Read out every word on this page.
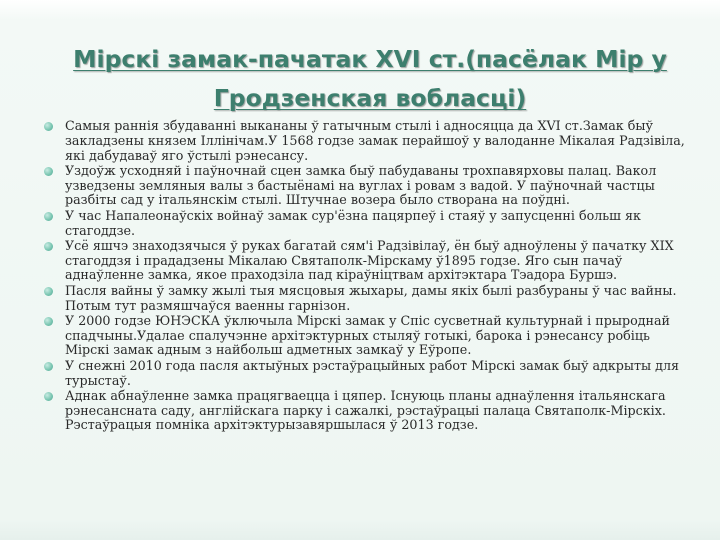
Мірскі замак-пачатак XVI ст.(пасёлак Мір у Гродзенская вобласці)
Самыя раннія збудаванні выкананы ў гатычным стылі і адносяцца да XVI ст.Замак быў закладзены князем Іллінічам.У 1568 годзе замак перайшоў у валоданне Мікалая Радзівіла, які дабудаваў яго ўстылі рэнесансу.
Уздоўж усходняй і паўночнай сцен замка быў пабудаваны трохпавярховы палац. Вакол узведзены земляныя валы з бастыёнамі на вуглах і ровам з вадой. У паўночнай частцы разбіты сад у італьянскім стылі. Штучнае возера было створана на поўдні.
У час Напалеонаўскіх войнаў замак сур'ёзна пацярпеў і стаяў у запусценні больш як стагоддзе.
Усё яшчэ знаходзячыся ў руках багатай сям'і Радзівілаў, ён быў адноўлены ў пачатку XIX стагоддзя і прададзены Мікалаю Святаполк-Мірскаму ў1895 годзе. Яго сын пачаў аднаўленне замка, якое праходзіла пад кіраўніцтвам архітэктара Тэадора Буршэ.
Пасля вайны ў замку жылі тыя мясцовыя жыхары, дамы якіх былі разбураны ў час вайны. Потым тут размяшчаўся ваенны гарнізон.
У 2000 годзе ЮНЭСКА ўключыла Мірскі замак у Спіс сусветнай культурнай і прыроднай спадчыны.Удалае спалучэнне архітэктурных стыляў готыкі, барока і рэнесансу робіць Мірскі замак адным з найбольш адметных замкаў у Еўропе.
У снежні 2010 года пасля актыўных рэстаўрацыйных работ Мірскі замак быў адкрыты для турыстаў.
Аднак абнаўленне замка працягваецца і цяпер. Існуюць планы аднаўлення італьянскага рэнесансната саду, англійскага парку і сажалкі, рэстаўрацыі палаца Святаполк-Мірскіх. Рэстаўрацыя помнікa архітэктурызавяршылася ў 2013 годзе.
